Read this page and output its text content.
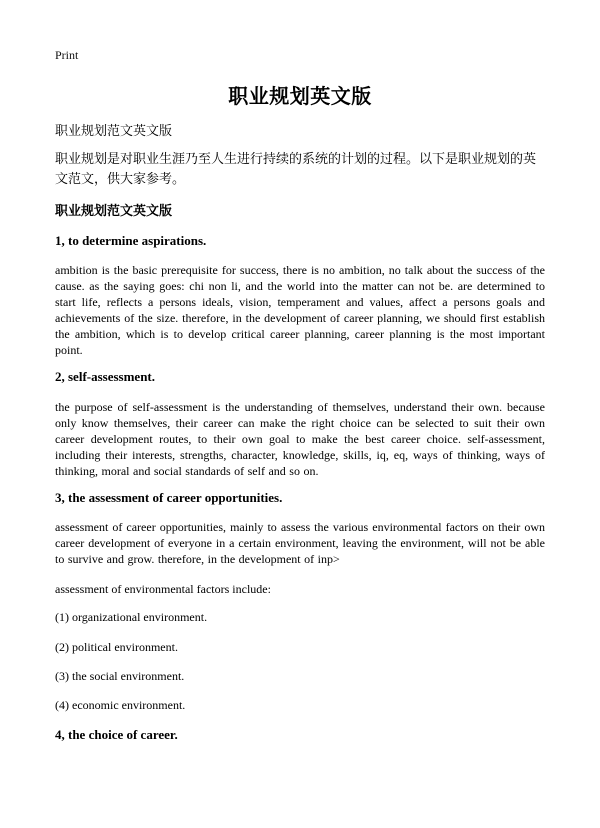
Print
职业规划英文版
职业规划范文英文版
职业规划是对职业生涯乃至人生进行持续的系统的计划的过程。以下是职业规划的英文范文，供大家参考。
职业规划范文英文版
1, to determine aspirations.
ambition is the basic prerequisite for success, there is no ambition, no talk about the success of the cause. as the saying goes: chi non li, and the world into the matter can not be. are determined to start life, reflects a persons ideals, vision, temperament and values, affect a persons goals and achievements of the size. therefore, in the development of career planning, we should first establish the ambition, which is to develop critical career planning, career planning is the most important point.
2, self-assessment.
the purpose of self-assessment is the understanding of themselves, understand their own. because only know themselves, their career can make the right choice can be selected to suit their own career development routes, to their own goal to make the best career choice. self-assessment, including their interests, strengths, character, knowledge, skills, iq, eq, ways of thinking, ways of thinking, moral and social standards of self and so on.
3, the assessment of career opportunities.
assessment of career opportunities, mainly to assess the various environmental factors on their own career development of everyone in a certain environment, leaving the environment, will not be able to survive and grow. therefore, in the development of inp>
assessment of environmental factors include:
(1) organizational environment.
(2) political environment.
(3) the social environment.
(4) economic environment.
4, the choice of career.
